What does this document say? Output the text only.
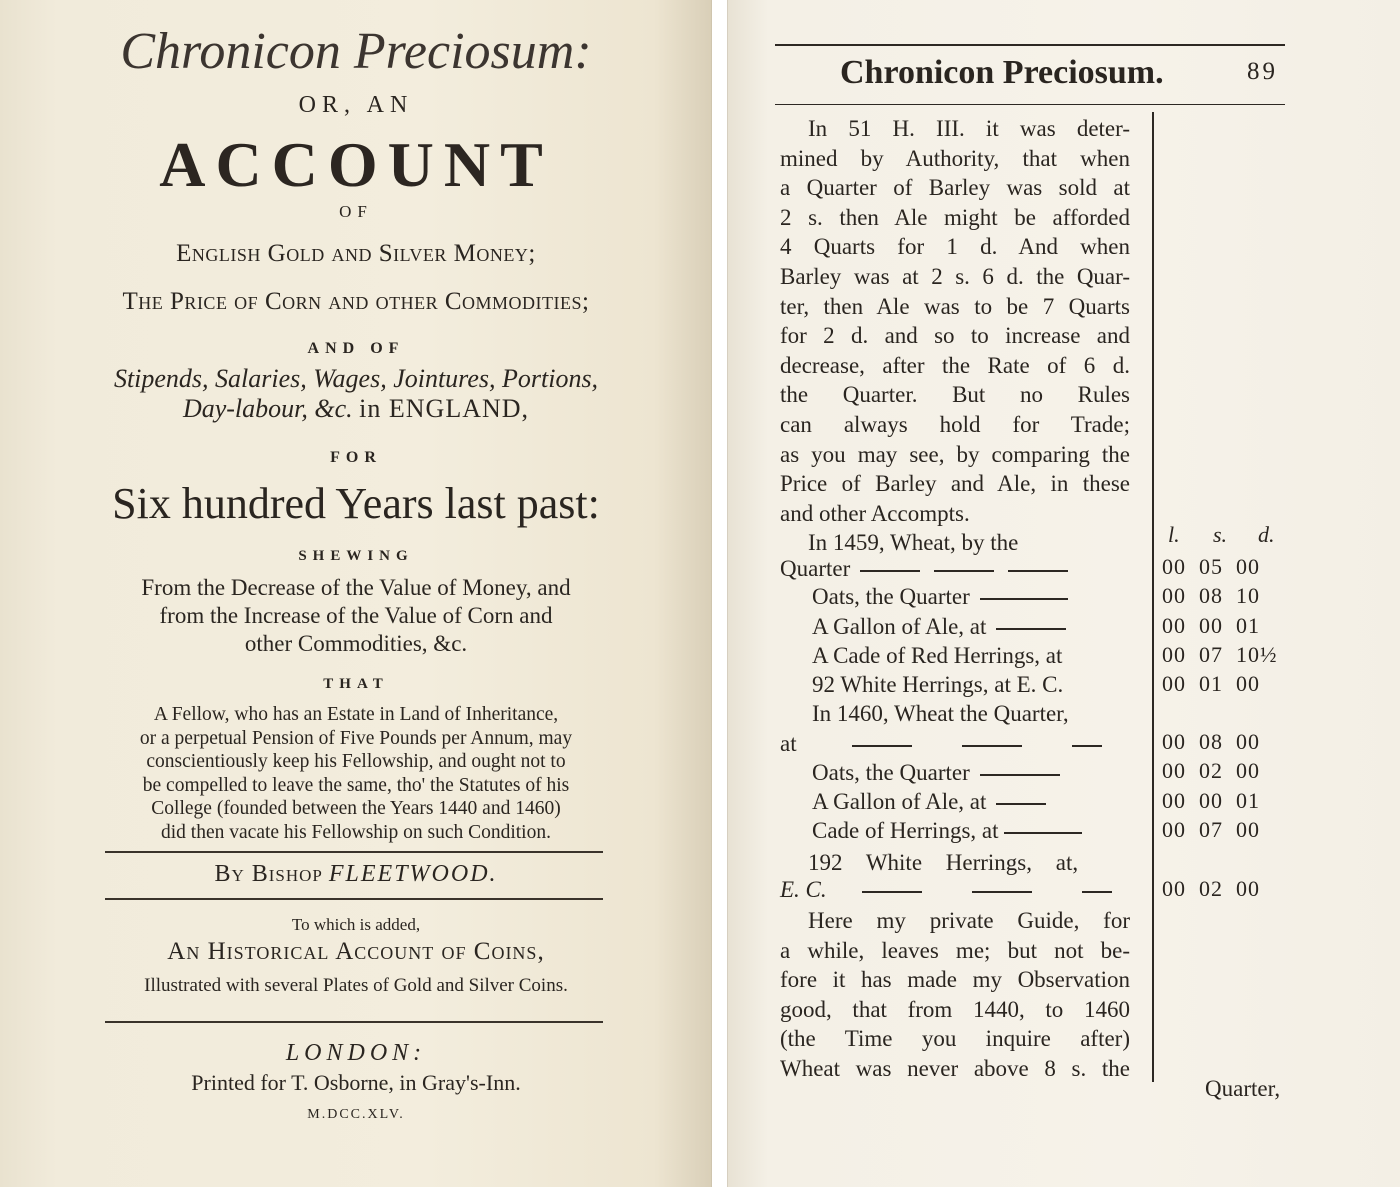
Chronicon Preciosum:
OR, AN
ACCOUNT
OF
English Gold and Silver Money;
The Price of Corn and other Commodities;
AND OF
Stipends, Salaries, Wages, Jointures, Portions,
Day-labour, &c. in ENGLAND,
FOR
Six hundred Years last past:
SHEWING
From the Decrease of the Value of Money, and
from the Increase of the Value of Corn and
other Commodities, &c.
THAT
A Fellow, who has an Estate in Land of Inheritance,
or a perpetual Pension of Five Pounds per Annum, may
conscientiously keep his Fellowship, and ought not to
be compelled to leave the same, tho' the Statutes of his
College (founded between the Years 1440 and 1460)
did then vacate his Fellowship on such Condition.
By Bishop FLEETWOOD.
To which is added,
An Historical Account of Coins,
Illustrated with several Plates of Gold and Silver Coins.
LONDON:
Printed for T. Osborne, in Gray's-Inn.
M.DCC.XLV.
Chronicon Preciosum.	89
In 51 H. III. it was deter-
mined by Authority, that when
a Quarter of Barley was sold at
2 s. then Ale might be afforded
4 Quarts for 1 d. And when
Barley was at 2 s. 6 d. the Quar-
ter, then Ale was to be 7 Quarts
for 2 d. and so to increase and
decrease, after the Rate of 6 d.
the Quarter. But no Rules
can always hold for Trade;
as you may see, by comparing the
Price of Barley and Ale, in these
and other Accompts.
l. s. d.
In 1459, Wheat, by the
Quarter	00  05  00
Oats, the Quarter	00  08  10
A Gallon of Ale, at	00  00  01
A Cade of Red Herrings, at	00  07  10½
92 White Herrings, at E. C.	00  01  00
In 1460, Wheat the Quarter,
at	00  08  00
Oats, the Quarter	00  02  00
A Gallon of Ale, at	00  00  01
Cade of Herrings, at	00  07  00
192 White Herrings, at,
E. C.	00  02  00
Here my private Guide, for
a while, leaves me; but not be-
fore it has made my Observation
good, that from 1440, to 1460
(the Time you inquire after)
Wheat was never above 8 s. the
Quarter,
